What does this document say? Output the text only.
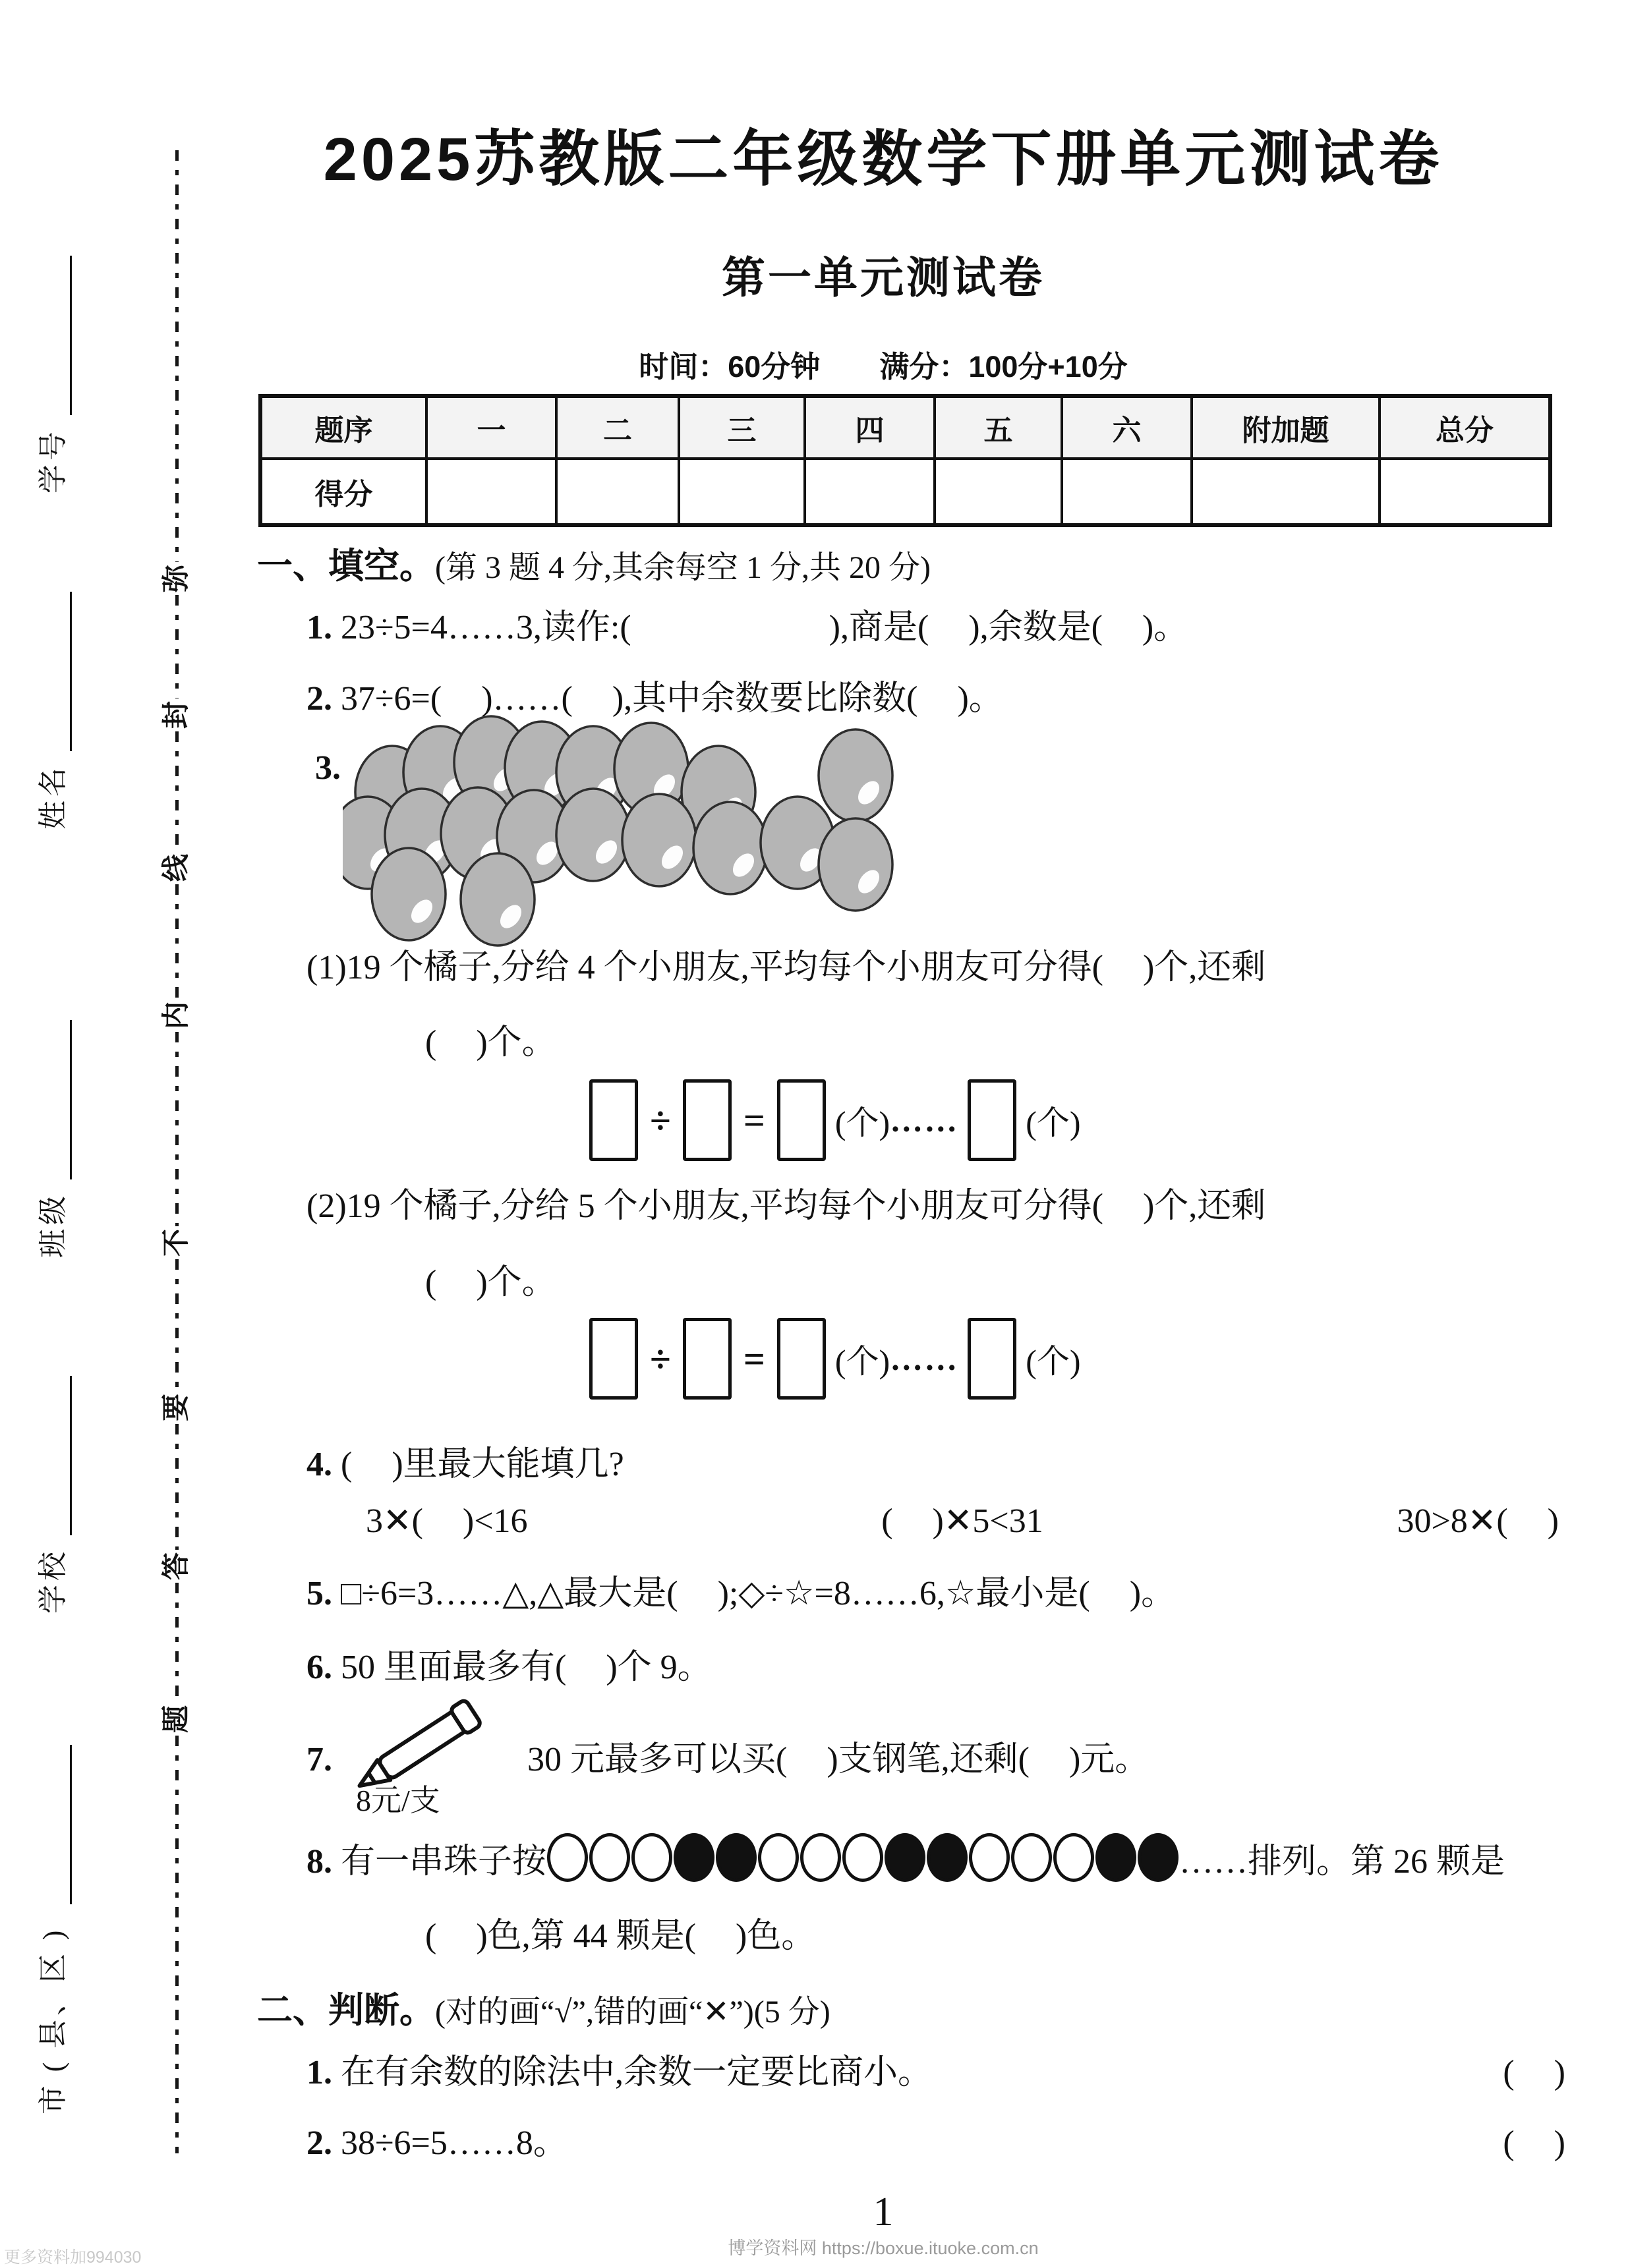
号
学
名
姓
级
班
校
学
)
区
、
县
(
市
弥
封
线
内
不
要
答
题
2025苏教版二年级数学下册单元测试卷
第一单元测试卷
时间：60分钟 满分：100分+10分
题序	一	二	三	四	五	六	附加题	总分
得分								
一、填空。(第 3 题 4 分,其余每空 1 分,共 20 分)
1. 23÷5=4……3,读作:(	),商是( ),余数是( )。
2. 37÷6=( )……( ),其中余数要比除数( )。
3.
(1)19 个橘子,分给 4 个小朋友,平均每个小朋友可分得( )个,还剩
( )个。
÷ = (个)…… (个)
(2)19 个橘子,分给 5 个小朋友,平均每个小朋友可分得( )个,还剩
( )个。
÷ = (个)…… (个)
4. ( )里最大能填几?
3✕( )<16	( )✕5<31	30>8✕( )
5. □÷6=3……△,△最大是( );◇÷☆=8……6,☆最小是( )。
6. 50 里面最多有( )个 9。
7.
8元/支
30 元最多可以买( )支钢笔,还剩( )元。
8. 有一串珠子按	……排列。第 26 颗是
( )色,第 44 颗是( )色。
二、判断。(对的画“√”,错的画“✕”)(5 分)
1. 在有余数的除法中,余数一定要比商小。	( )
2. 38÷6=5……8。	( )
1
博学资料网 https://boxue.ituoke.com.cn
更多资料加994030
